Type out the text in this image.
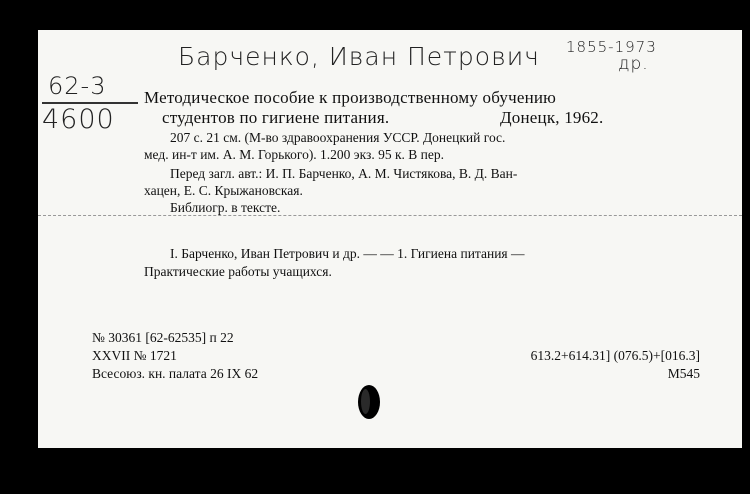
Барченко, Иван Петрович 1855-1973
др.
62-3
4600
Методическое пособие к производственному обучению
студентов по гигиене питания.	Донецк, 1962.
207 с. 21 см. (М-во здравоохранения УССР. Донецкий гос.
мед. ин-т им. А. М. Горького). 1.200 экз. 95 к. В пер.
Перед загл. авт.: И. П. Барченко, А. М. Чистякова, В. Д. Ван-
хацен, Е. С. Крыжановская.
Библиогр. в тексте.
I. Барченко, Иван Петрович и др. — — 1. Гигиена питания —
Практические работы учащихся.
№ 30361 [62-62535] п 22
XXVII № 1721
Всесоюз. кн. палата 26 IX 62
613.2+614.31] (076.5)+[016.3]
М545
